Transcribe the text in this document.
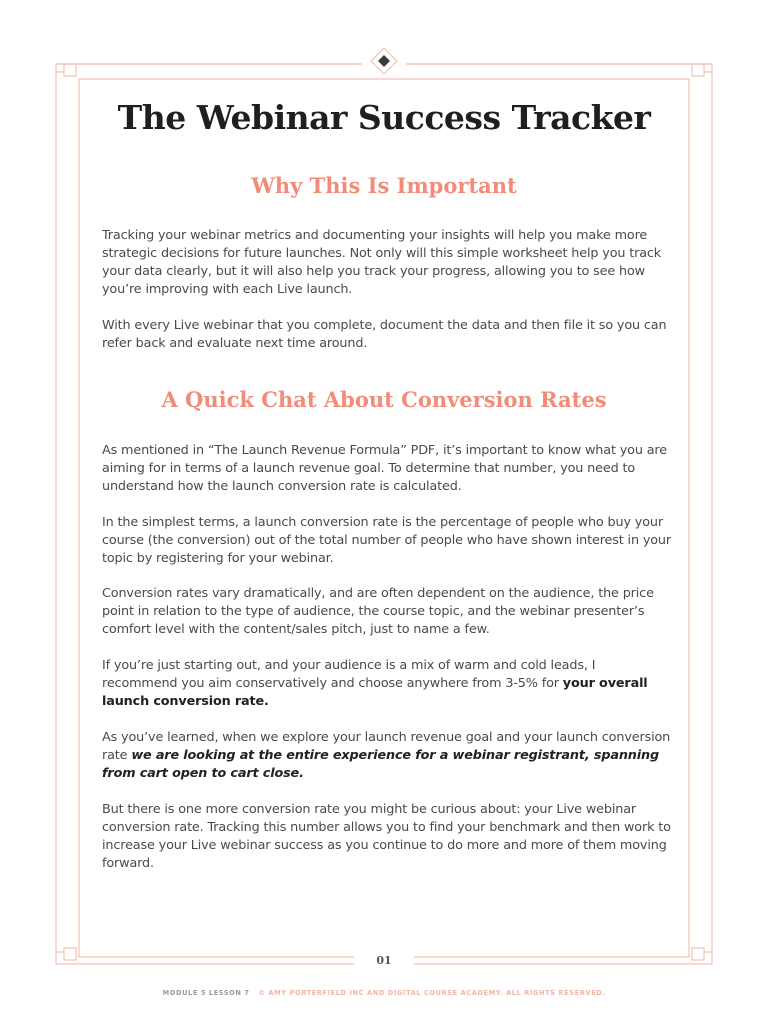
The Webinar Success Tracker
Why This Is Important

Tracking your webinar metrics and documenting your insights will help you make more strategic decisions for future launches. Not only will this simple worksheet help you track your data clearly, but it will also help you track your progress, allowing you to see how you’re improving with each Live launch.

With every Live webinar that you complete, document the data and then file it so you can refer back and evaluate next time around.

A Quick Chat About Conversion Rates

As mentioned in “The Launch Revenue Formula” PDF, it’s important to know what you are aiming for in terms of a launch revenue goal. To determine that number, you need to understand how the launch conversion rate is calculated.

In the simplest terms, a launch conversion rate is the percentage of people who buy your course (the conversion) out of the total number of people who have shown interest in your topic by registering for your webinar.

Conversion rates vary dramatically, and are often dependent on the audience, the price point in relation to the type of audience, the course topic, and the webinar presenter’s comfort level with the content/sales pitch, just to name a few.

If you’re just starting out, and your audience is a mix of warm and cold leads, I recommend you aim conservatively and choose anywhere from 3-5% for your overall launch conversion rate.

As you’ve learned, when we explore your launch revenue goal and your launch conversion rate we are looking at the entire experience for a webinar registrant, spanning from cart open to cart close.

But there is one more conversion rate you might be curious about: your Live webinar conversion rate. Tracking this number allows you to find your benchmark and then work to increase your Live webinar success as you continue to do more and more of them moving forward.

01
MODULE 5 LESSON 7 © AMY PORTERFIELD INC AND DIGITAL COURSE ACADEMY. ALL RIGHTS RESERVED.
